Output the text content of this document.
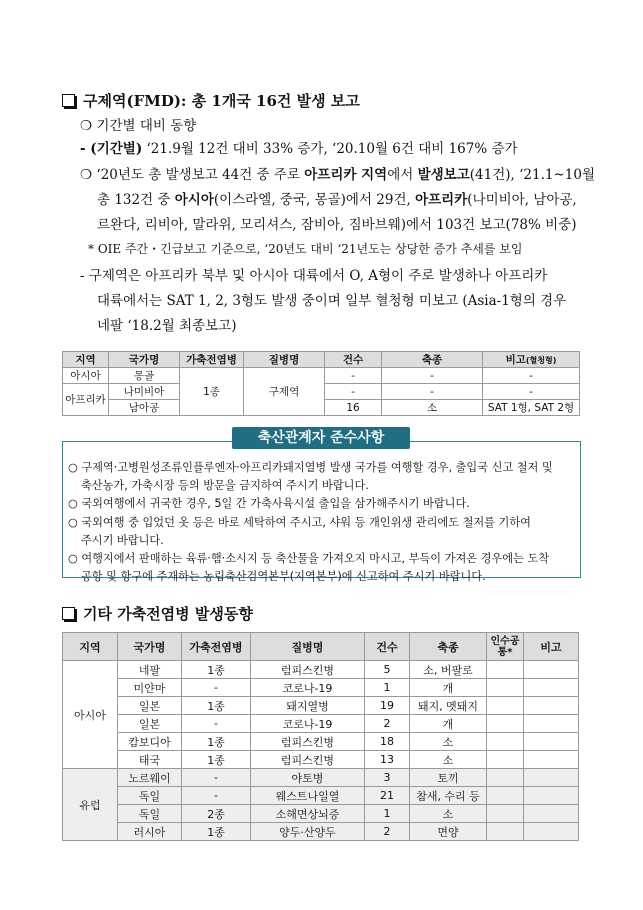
구제역(FMD): 총 1개국 16건 발생 보고
❍ 기간별 대비 동향
- (기간별) ‘21.9월 12건 대비 33% 증가, ‘20.10월 6건 대비 167% 증가
❍ ‘20년도 총 발생보고 44건 중 주로 아프리카 지역에서 발생보고(41건), ‘21.1~10월
총 132건 중 아시아(이스라엘, 중국, 몽골)에서 29건, 아프리카(나미비아, 남아공,
르완다, 리비아, 말라위, 모리셔스, 잠비아, 짐바브웨)에서 103건 보고(78% 비중)
* OIE 주간・긴급보고 기준으로, ‘20년도 대비 ‘21년도는 상당한 증가 추세를 보임
- 구제역은 아프리카 북부 및 아시아 대륙에서 O, A형이 주로 발생하나 아프리카
대륙에서는 SAT 1, 2, 3형도 발생 중이며 일부 혈청형 미보고 (Asia-1형의 경우
네팔 ‘18.2월 최종보고)
지역	국가명	가축전염병	질병명	건수	축종	비고(혈청형)
아시아	몽골	1종	구제역	-	-	-
아프리카	나미비아			-	-	-
	남아공			16	소	SAT 1형, SAT 2형
축산관계자 준수사항
○ 구제역·고병원성조류인플루엔자·아프리카돼지열병 발생 국가를 여행할 경우, 출입국 신고 철저 및
축산농가, 가축시장 등의 방문을 금지하여 주시기 바랍니다.
○ 국외여행에서 귀국한 경우, 5일 간 가축사육시설 출입을 삼가해주시기 바랍니다.
○ 국외여행 중 입었던 옷 등은 바로 세탁하여 주시고, 샤워 등 개인위생 관리에도 철저를 기하여
주시기 바랍니다.
○ 여행지에서 판매하는 육류·햄·소시지 등 축산물을 가져오지 마시고, 부득이 가져온 경우에는 도착
공항 및 항구에 주재하는 농림축산검역본부(지역본부)에 신고하여 주시기 바랍니다.
기타 가축전염병 발생동향
지역	국가명	가축전염병	질병명	건수	축종	인수공통*	비고
아시아	네팔	1종	럼피스킨병	5	소, 버팔로		
	미얀마	-	코로나-19	1	개		
	일본	1종	돼지열병	19	돼지, 멧돼지		
	일본	-	코로나-19	2	개		
	캄보디아	1종	럼피스킨병	18	소		
	태국	1종	럼피스킨병	13	소		
유럽	노르웨이	-	야토병	3	토끼		
	독일	-	웨스트나일열	21	참새, 수리 등		
	독일	2종	소해면상뇌증	1	소		
	러시아	1종	양두·산양두	2	면양		
